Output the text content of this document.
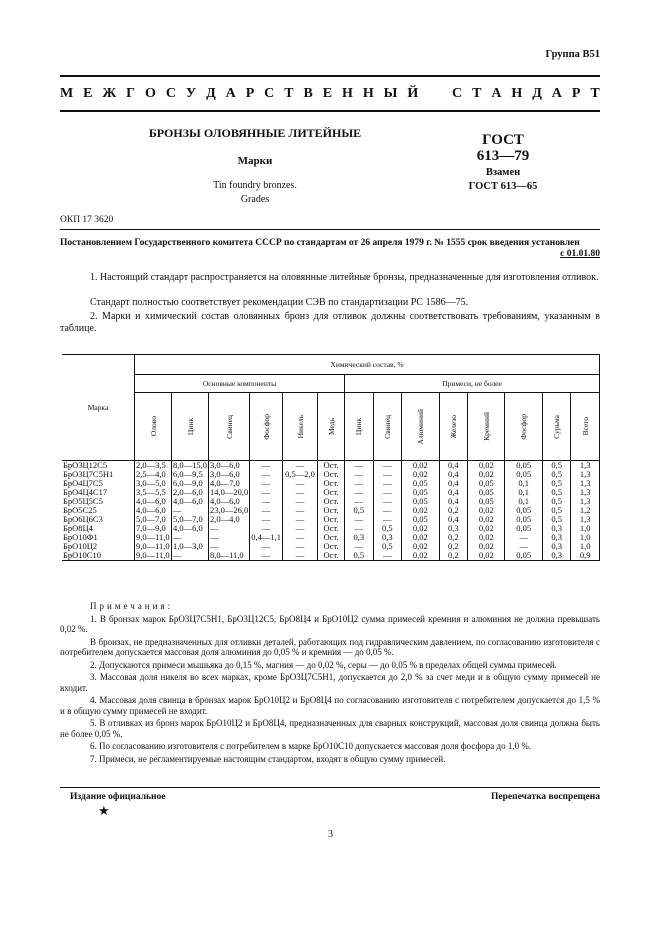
Группа В51
М Е Ж Г О С У Д А Р С Т В Е Н Н Ы Й С Т А Н Д А Р Т
БРОНЗЫ ОЛОВЯННЫЕ ЛИТЕЙНЫЕ
Марки
Tin foundry bronzes.
Grades
ГОСТ
613—79
Взамен
ГОСТ 613—65
ОКП 17 3620
Постановлением Государственного комитета СССР по стандартам от 26 апреля 1979 г. № 1555 срок введения установлен
с 01.01.80
1. Настоящий стандарт распространяется на оловянные литейные бронзы, предназначенные для изготовления отливок.
Стандарт полностью соответствует рекомендации СЭВ по стандартизации РС 1586—75.
2. Марки и химический состав оловянных бронз для отливок должны соответствовать требованиям, указанным в таблице.
Марка	Химический состав, %													
	Основные компоненты						Примеси, не более							

	Олово	Цинк	Свинец	Фосфор	Никель	Медь	Цинк	Свинец	Алюминий	Железо	Кремний	Фосфор	Сурьма	Всего

БрО3Ц12С5	2,0—3,5	8,0—15,0	3,0—6,0	—	—	Ост.	—	—	0,02	0,4	0,02	0,05	0,5	1,3
БрО3Ц7С5Н1	2,5—4,0	6,0—9,5	3,0—6,0	—	0,5—2,0	Ост.	—	—	0,02	0,4	0,02	0,05	0,5	1,3
БрО4Ц7С5	3,0—5,0	6,0—9,0	4,0—7,0	—	—	Ост.	—	—	0,05	0,4	0,05	0,1	0,5	1,3
БрО4Ц4С17	3,5—5,5	2,0—6,0	14,0—20,0	—	—	Ост.	—	—	0,05	0,4	0,05	0,1	0,5	1,3
БрО5Ц5С5	4,0—6,0	4,0—6,0	4,0—6,0	—	—	Ост.	—	—	0,05	0,4	0,05	0,1	0,5	1,3
БрО5С25	4,0—6,0	—	23,0—26,0	—	—	Ост.	0,5	—	0,02	0,2	0,02	0,05	0,5	1,2
БрО6Ц6С3	5,0—7,0	5,0—7,0	2,0—4,0	—	—	Ост.	—	—	0,05	0,4	0,02	0,05	0,5	1,3
БрО8Ц4	7,0—9,0	4,0—6,0	—	—	—	Ост.	—	0,5	0,02	0,3	0,02	0,05	0,3	1,0
БрО10Ф1	9,0—11,0	—	—	0,4—1,1	—	Ост.	0,3	0,3	0,02	0,2	0,02	—	0,3	1,0
БрО10Ц2	9,0—11,0	1,0—3,0	—	—	—	Ост.	—	0,5	0,02	0,2	0,02	—	0,3	1,0
БрО10С10	9,0—11,0	—	8,0—11,0	—	—	Ост.	0,5	—	0,02	0,2	0,02	0,05	0,3	0,9

Примечания:

1. В бронзах марок БрО3Ц7С5Н1, БрО3Ц12С5, БрО8Ц4 и БрО10Ц2 сумма примесей кремния и алюминия не должна превышать 0,02 %.

В бронзах, не предназначенных для отливки деталей, работающих под гидравлическим давлением, по согласованию изготовителя с потребителем допускается массовая доля алюминия до 0,05 % и кремния — до 0,05 %.

2. Допускаются примеси мышьяка до 0,15 %, магния — до 0,02 %, серы — до 0,05 % в пределах общей суммы примесей.

3. Массовая доля никеля во всех марках, кроме БрО3Ц7С5Н1, допускается до 2,0 % за счет меди и в общую сумму примесей не входит.

4. Массовая доля свинца в бронзах марок БрО10Ц2 и БрО8Ц4 по согласованию изготовителя с потребителем допускается до 1,5 % и в общую сумму примесей не входит.

5. В отливках из бронз марок БрО10Ц2 и БрО8Ц4, предназначенных для сварных конструкций, массовая доля свинца должна быть не более 0,05 %.

6. По согласованию изготовителя с потребителем в марке БрО10С10 допускается массовая доля фосфора до 1,0 %.

7. Примеси, не регламентируемые настоящим стандартом, входят в общую сумму примесей.

Издание официальное	Перепечатка воспрещена
★
3
